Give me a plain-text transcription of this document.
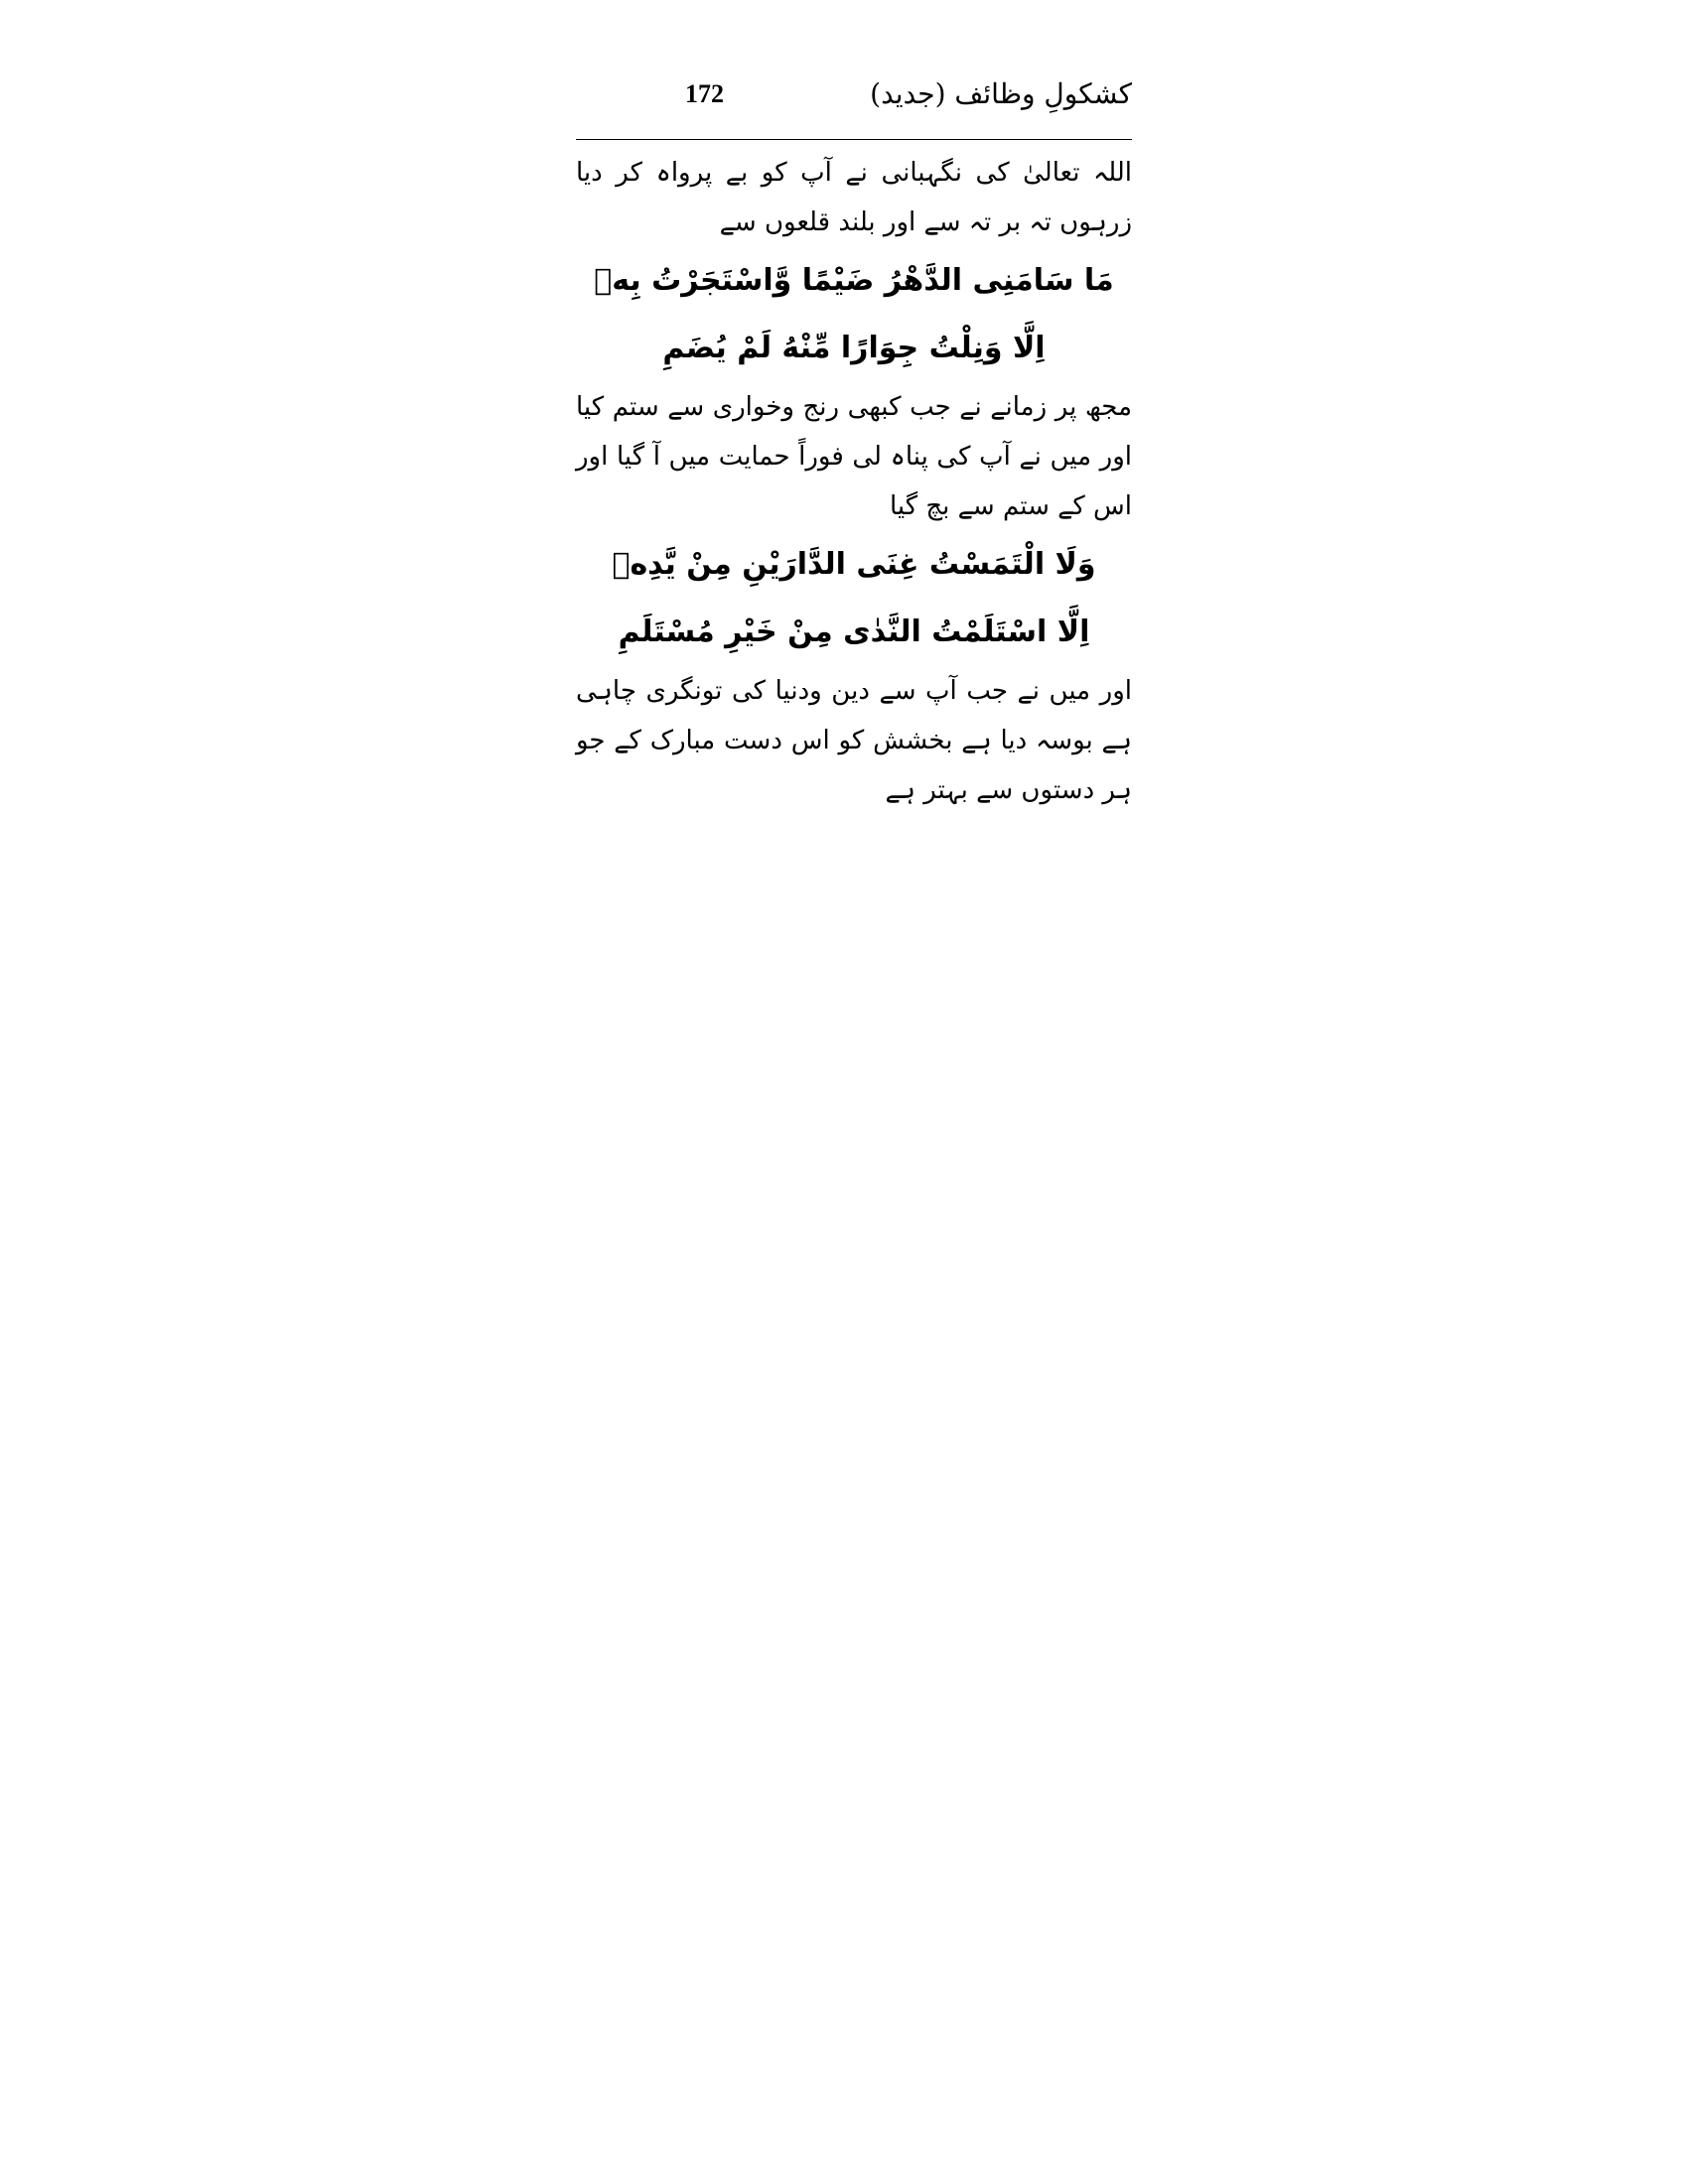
172	کشکولِ وظائف (جدید)

اللہ تعالیٰ کی نگہبانی نے آپ کو بے پرواہ کر دیا زرہوں تہ بر تہ سے اور بلند قلعوں سے

مَا سَامَنِی الدَّهْرُ ضَيْمًا وَّاسْتَجَرْتُ بِهٖ

اِلَّا وَنِلْتُ جِوَارًا مِّنْهُ لَمْ يُضَمِ

مجھ پر زمانے نے جب کبھی رنج وخواری سے ستم کیا اور میں نے آپ کی پناہ لی فوراً حمایت میں آ گیا اور اس کے ستم سے بچ گیا

وَلَا الْتَمَسْتُ غِنَى الدَّارَيْنِ مِنْ يَّدِهٖ

اِلَّا اسْتَلَمْتُ النَّدٰى مِنْ خَيْرِ مُسْتَلَمِ

اور میں نے جب آپ سے دین ودنیا کی تونگری چاہی ہے بوسہ دیا ہے بخشش کو اس دست مبارک کے جو ہر دستوں سے بہتر ہے
